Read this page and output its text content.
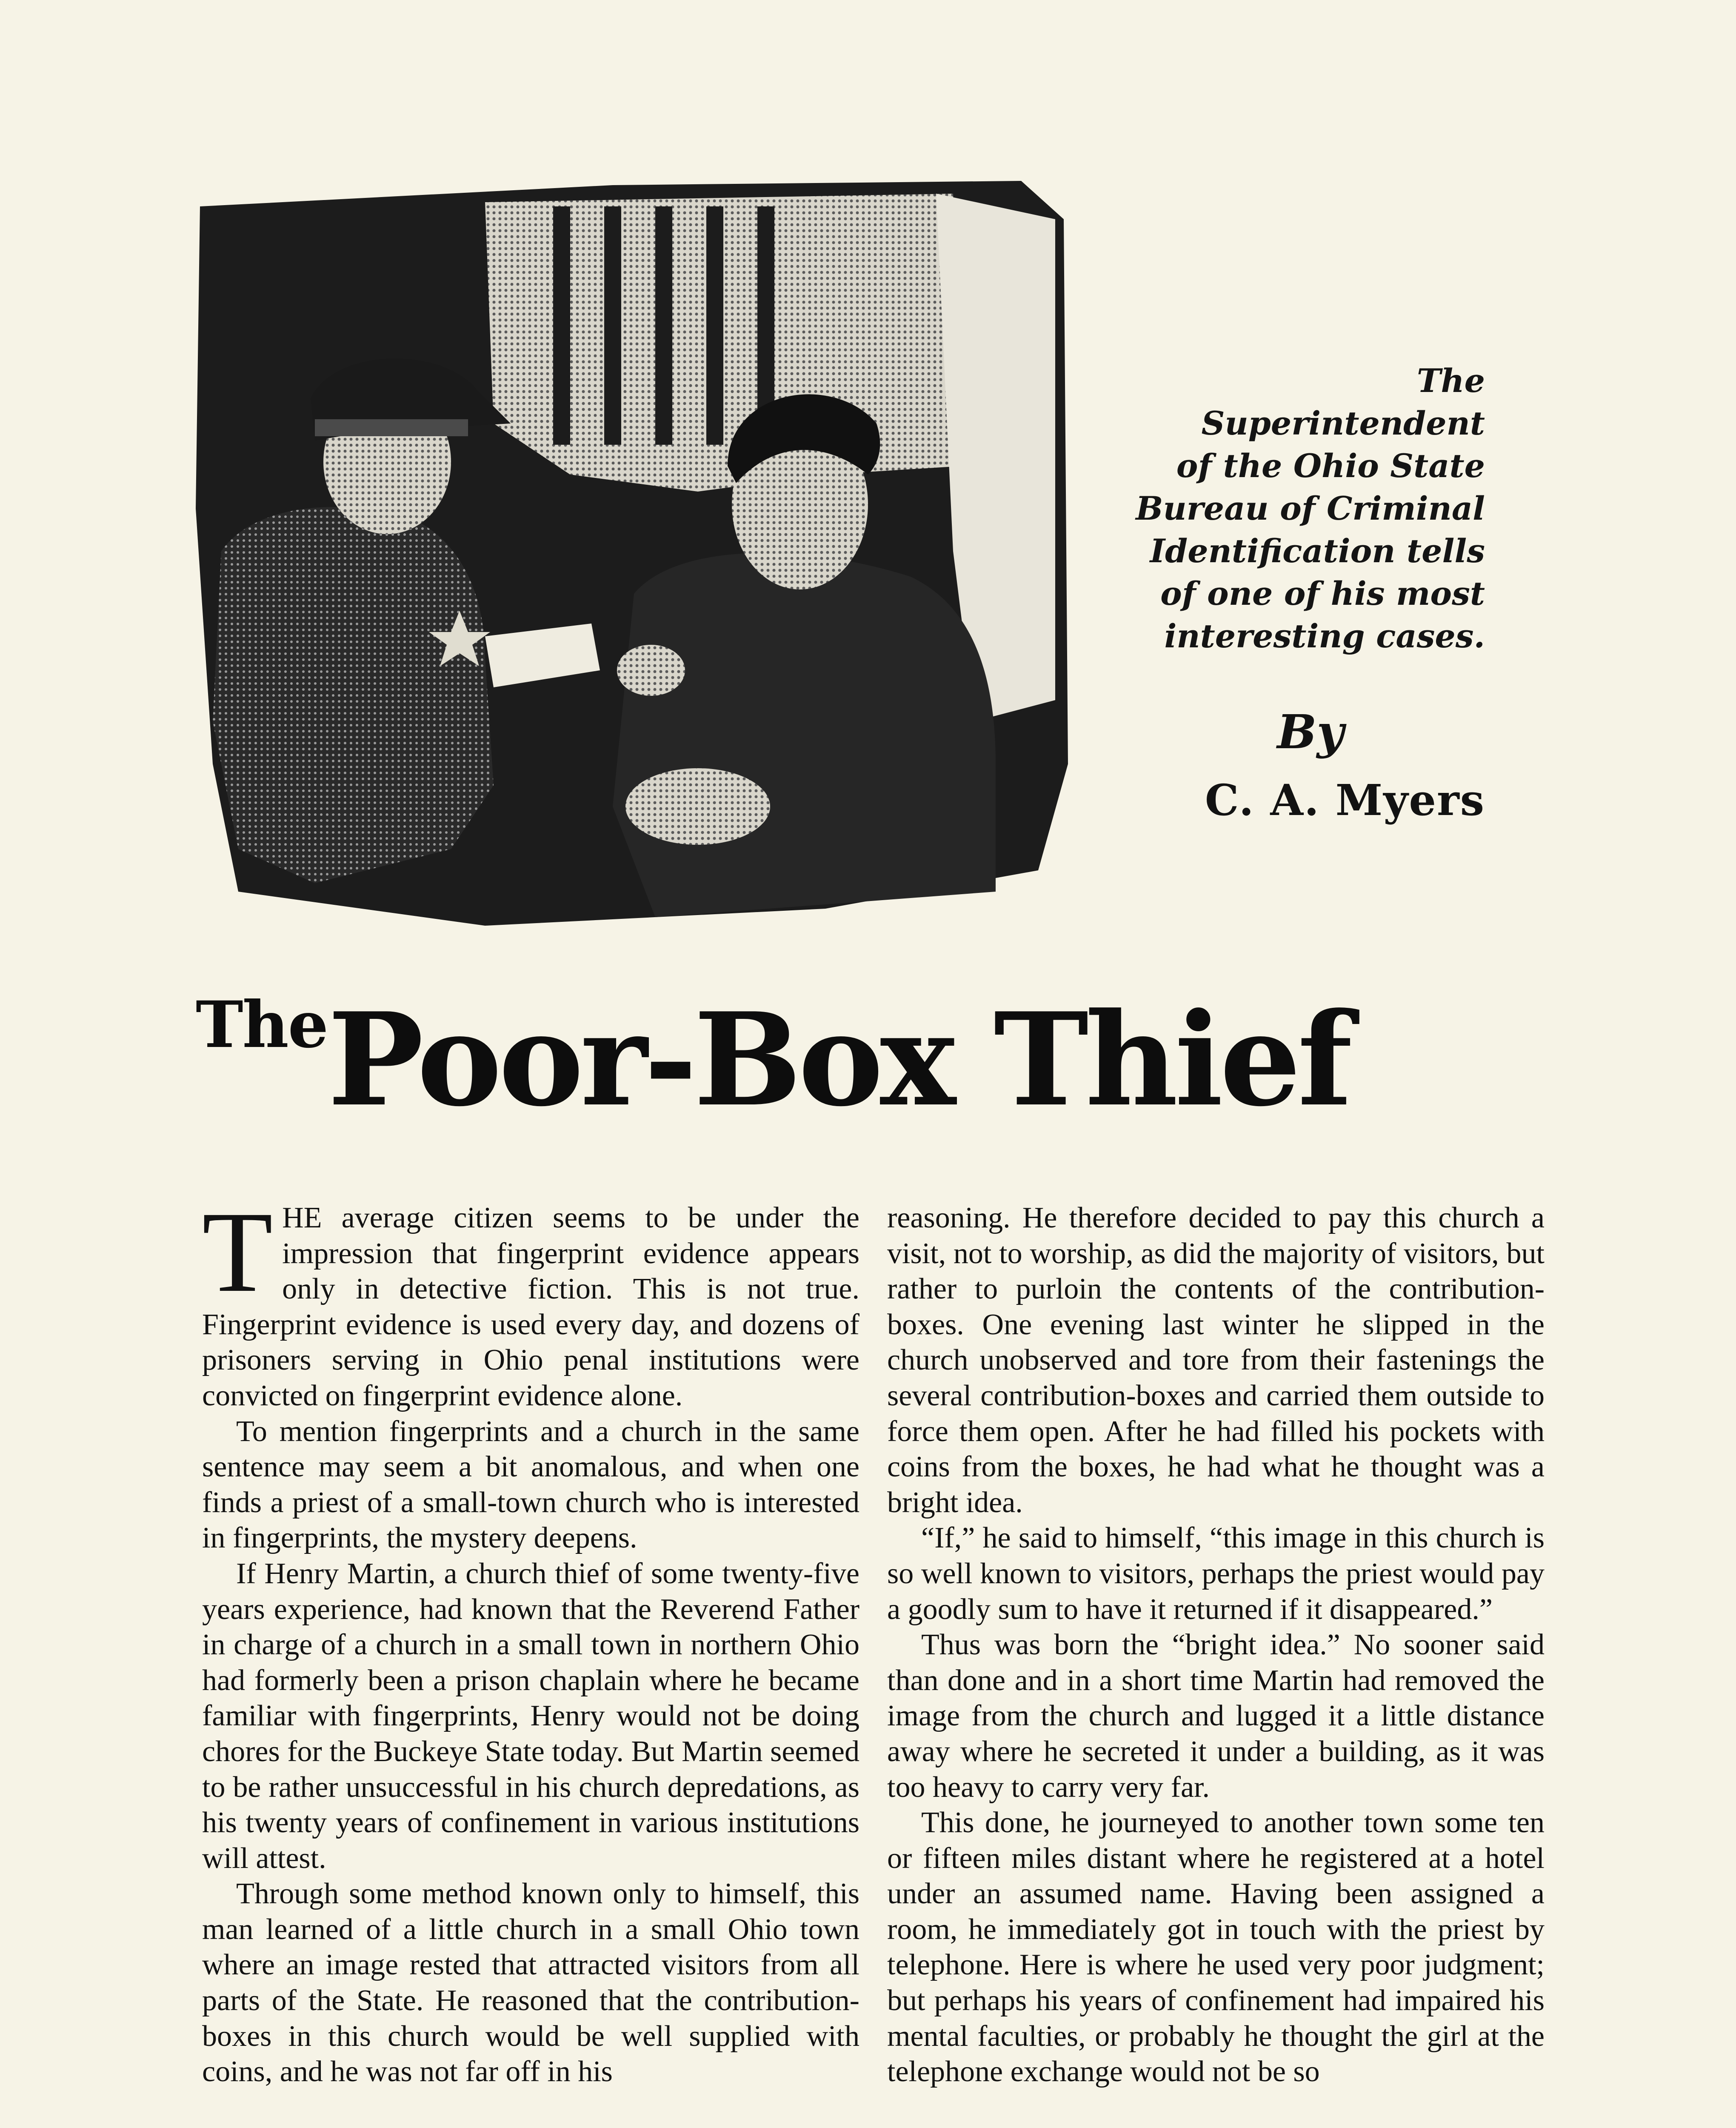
The Superintendent
of the Ohio State
Bureau of Criminal
Identification tells
of one of his most
interesting cases.
By
C. A. Myers
ThePoor-Box Thief

THE average citizen seems to be under the impression that fingerprint evidence appears only in detective fiction. This is not true. Fingerprint evidence is used every day, and dozens of prisoners serving in Ohio penal institutions were convicted on fingerprint evidence alone.

To mention fingerprints and a church in the same sentence may seem a bit anomalous, and when one finds a priest of a small-town church who is interested in fingerprints, the mystery deepens.

If Henry Martin, a church thief of some twenty-five years experience, had known that the Reverend Father in charge of a church in a small town in northern Ohio had formerly been a prison chaplain where he became familiar with fingerprints, Henry would not be doing chores for the Buckeye State today. But Martin seemed to be rather unsuccessful in his church depredations, as his twenty years of confinement in various institutions will attest.

Through some method known only to himself, this man learned of a little church in a small Ohio town where an image rested that attracted visitors from all parts of the State. He reasoned that the contribution-boxes in this church would be well supplied with coins, and he was not far off in his

reasoning. He therefore decided to pay this church a visit, not to worship, as did the majority of visitors, but rather to purloin the contents of the contribution-boxes. One evening last winter he slipped in the church unobserved and tore from their fastenings the several contribution-boxes and carried them outside to force them open. After he had filled his pockets with coins from the boxes, he had what he thought was a bright idea.

“If,” he said to himself, “this image in this church is so well known to visitors, perhaps the priest would pay a goodly sum to have it returned if it disappeared.”

Thus was born the “bright idea.” No sooner said than done and in a short time Martin had removed the image from the church and lugged it a little distance away where he secreted it under a building, as it was too heavy to carry very far.

This done, he journeyed to another town some ten or fifteen miles distant where he registered at a hotel under an assumed name. Having been assigned a room, he immediately got in touch with the priest by telephone. Here is where he used very poor judgment; but perhaps his years of confinement had impaired his mental faculties, or probably he thought the girl at the telephone exchange would not be so
